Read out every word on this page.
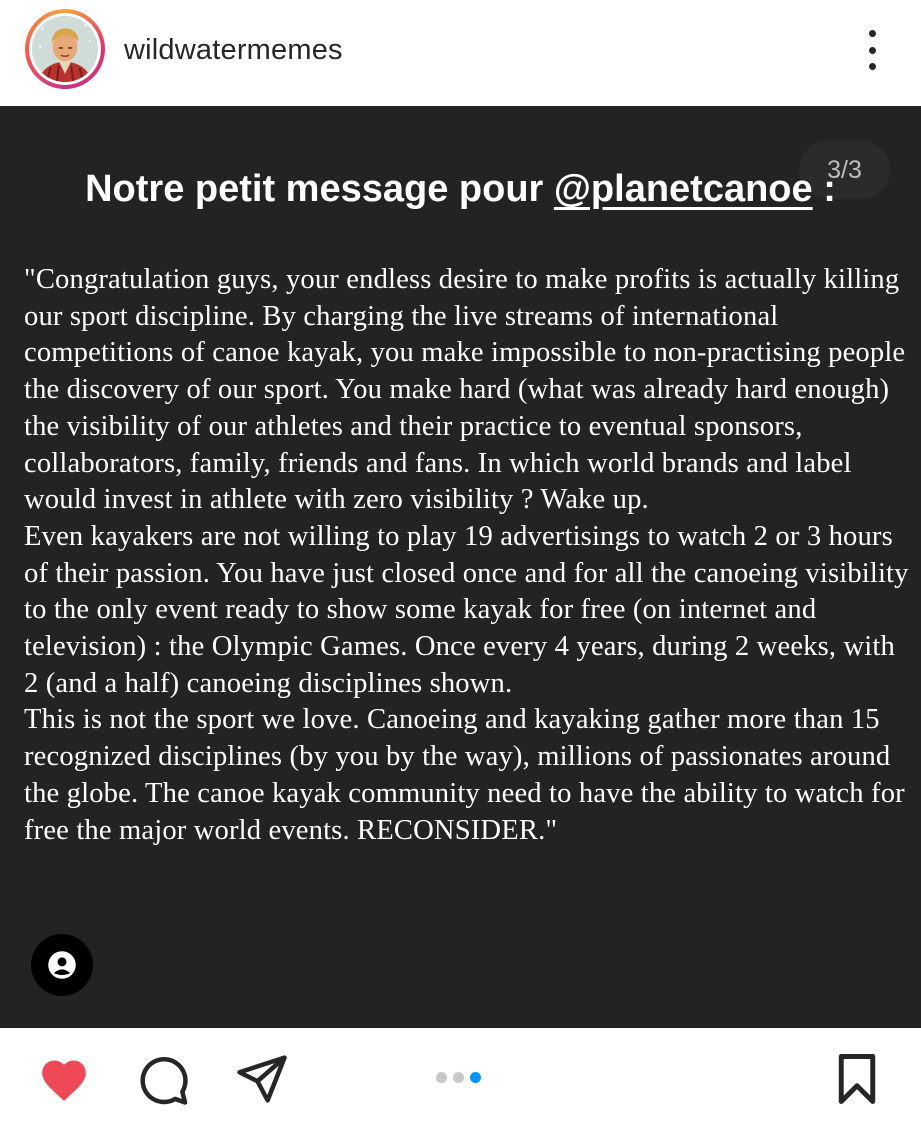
wildwatermemes
3/3
Notre petit message pour @planetcanoe :

"Congratulation guys, your endless desire to make profits is actually killing our sport discipline. By charging the live streams of international competitions of canoe kayak, you make impossible to non-practising people the discovery of our sport. You make hard (what was already hard enough) the visibility of our athletes and their practice to eventual sponsors, collaborators, family, friends and fans. In which world brands and label would invest in athlete with zero visibility ? Wake up.

Even kayakers are not willing to play 19 advertisings to watch 2 or 3 hours of their passion. You have just closed once and for all the canoeing visibility to the only event ready to show some kayak for free (on internet and television) : the Olympic Games. Once every 4 years, during 2 weeks, with 2 (and a half) canoeing disciplines shown.

This is not the sport we love. Canoeing and kayaking gather more than 15 recognized disciplines (by you by the way), millions of passionates around the globe. The canoe kayak community need to have the ability to watch for free the major world events. RECONSIDER."
